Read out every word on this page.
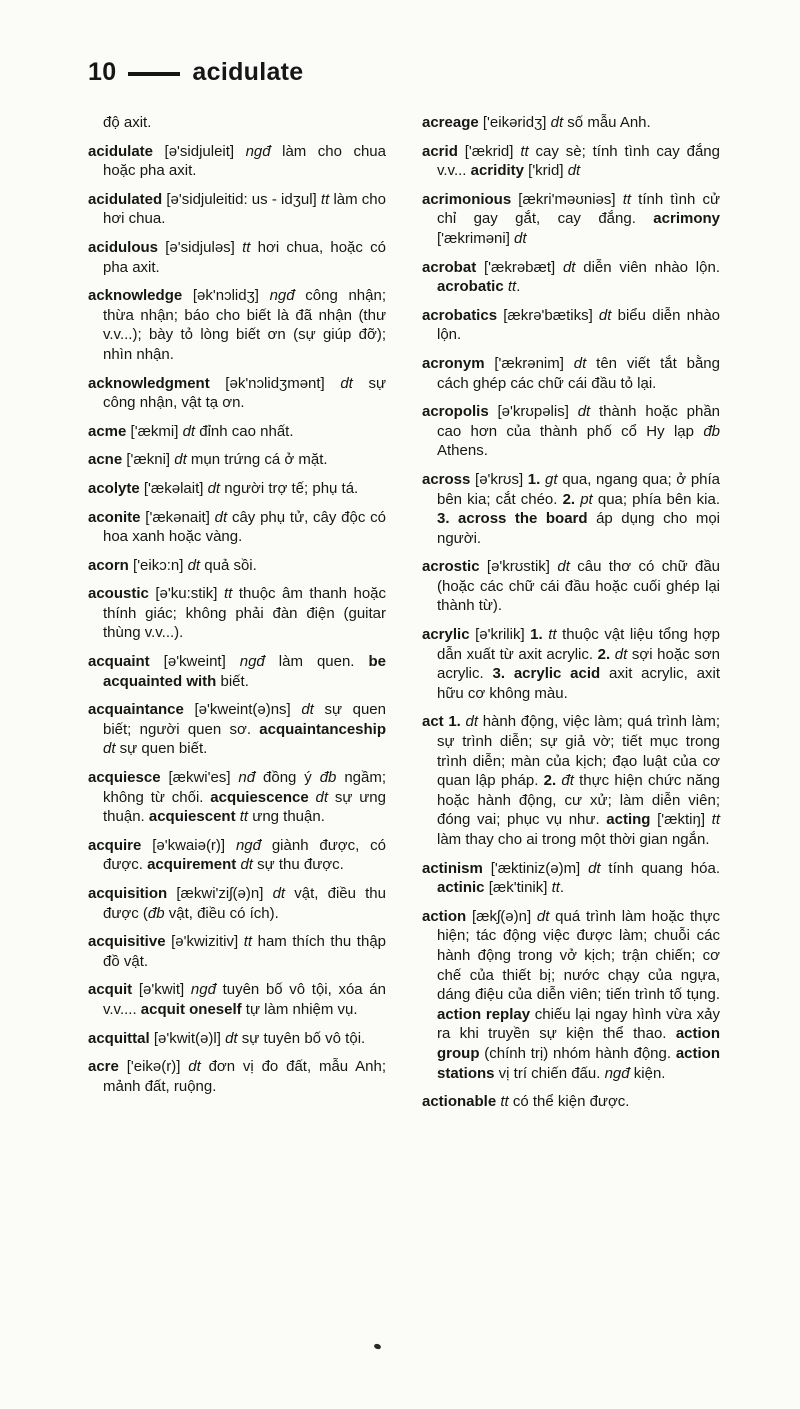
10	acidulate

độ axit.

acidulate [ə'sidjuleit] ngđ làm cho chua hoặc pha axit.

acidulated [ə'sidjuleitid: us - idʒul] tt làm cho hơi chua.

acidulous [ə'sidjuləs] tt hơi chua, hoặc có pha axit.

acknowledge [ək'nɔlidʒ] ngđ công nhận; thừa nhận; báo cho biết là đã nhận (thư v.v...); bày tỏ lòng biết ơn (sự giúp đỡ); nhìn nhận.

acknowledgment [ək'nɔlidʒmənt] dt sự công nhận, vật tạ ơn.

acme ['ækmi] dt đỉnh cao nhất.

acne ['ækni] dt mụn trứng cá ở mặt.

acolyte ['ækəlait] dt người trợ tế; phụ tá.

aconite ['ækənait] dt cây phụ tử, cây độc có hoa xanh hoặc vàng.

acorn ['eikɔ:n] dt quả sồi.

acoustic [ə'ku:stik] tt thuộc âm thanh hoặc thính giác; không phải đàn điện (guitar thùng v.v...).

acquaint [ə'kweint] ngđ làm quen. be acquainted with biết.

acquaintance [ə'kweint(ə)ns] dt sự quen biết; người quen sơ. acquaintanceship dt sự quen biết.

acquiesce [ækwi'es] nđ đồng ý đb ngầm; không từ chối. acquiescence dt sự ưng thuận. acquiescent tt ưng thuận.

acquire [ə'kwaiə(r)] ngđ giành được, có được. acquirement dt sự thu được.

acquisition [ækwi'ziʃ(ə)n] dt vật, điều thu được (đb vật, điều có ích).

acquisitive [ə'kwizitiv] tt ham thích thu thập đồ vật.

acquit [ə'kwit] ngđ tuyên bố vô tội, xóa án v.v.... acquit oneself tự làm nhiệm vụ.

acquittal [ə'kwit(ə)l] dt sự tuyên bố vô tội.

acre ['eikə(r)] dt đơn vị đo đất, mẫu Anh; mảnh đất, ruộng.

acreage ['eikəridʒ] dt số mẫu Anh.

acrid ['ækrid] tt cay sè; tính tình cay đắng v.v... acridity ['krid] dt

acrimonious [ækri'məʊniəs] tt tính tình cử chỉ gay gắt, cay đắng. acrimony ['ækriməni] dt

acrobat ['ækrəbæt] dt diễn viên nhào lộn. acrobatic tt.

acrobatics [ækrə'bætiks] dt biểu diễn nhào lộn.

acronym ['ækrənim] dt tên viết tắt bằng cách ghép các chữ cái đầu tỏ lại.

acropolis [ə'krʊpəlis] dt thành hoặc phần cao hơn của thành phố cổ Hy lạp đb Athens.

across [ə'krʊs] 1. gt qua, ngang qua; ở phía bên kia; cắt chéo. 2. pt qua; phía bên kia. 3. across the board áp dụng cho mọi người.

acrostic [ə'krʊstik] dt câu thơ có chữ đầu (hoặc các chữ cái đầu hoặc cuối ghép lại thành từ).

acrylic [ə'krilik] 1. tt thuộc vật liệu tổng hợp dẫn xuất từ axit acrylic. 2. dt sợi hoặc sơn acrylic. 3. acrylic acid axit acrylic, axit hữu cơ không màu.

act 1. dt hành động, việc làm; quá trình làm; sự trình diễn; sự giả vờ; tiết mục trong trình diễn; màn của kịch; đạo luật của cơ quan lập pháp. 2. đt thực hiện chức năng hoặc hành động, cư xử; làm diễn viên; đóng vai; phục vụ như. acting ['æktiŋ] tt làm thay cho ai trong một thời gian ngắn.

actinism ['æktiniz(ə)m] dt tính quang hóa. actinic [æk'tinik] tt.

action [ækʃ(ə)n] dt quá trình làm hoặc thực hiện; tác động việc được làm; chuỗi các hành động trong vở kịch; trận chiến; cơ chế của thiết bị; nước chạy của ngựa, dáng điệu của diễn viên; tiến trình tố tụng. action replay chiếu lại ngay hình vừa xảy ra khi truyền sự kiện thể thao. action group (chính trị) nhóm hành động. action stations vị trí chiến đấu. ngđ kiện.

actionable tt có thể kiện được.
